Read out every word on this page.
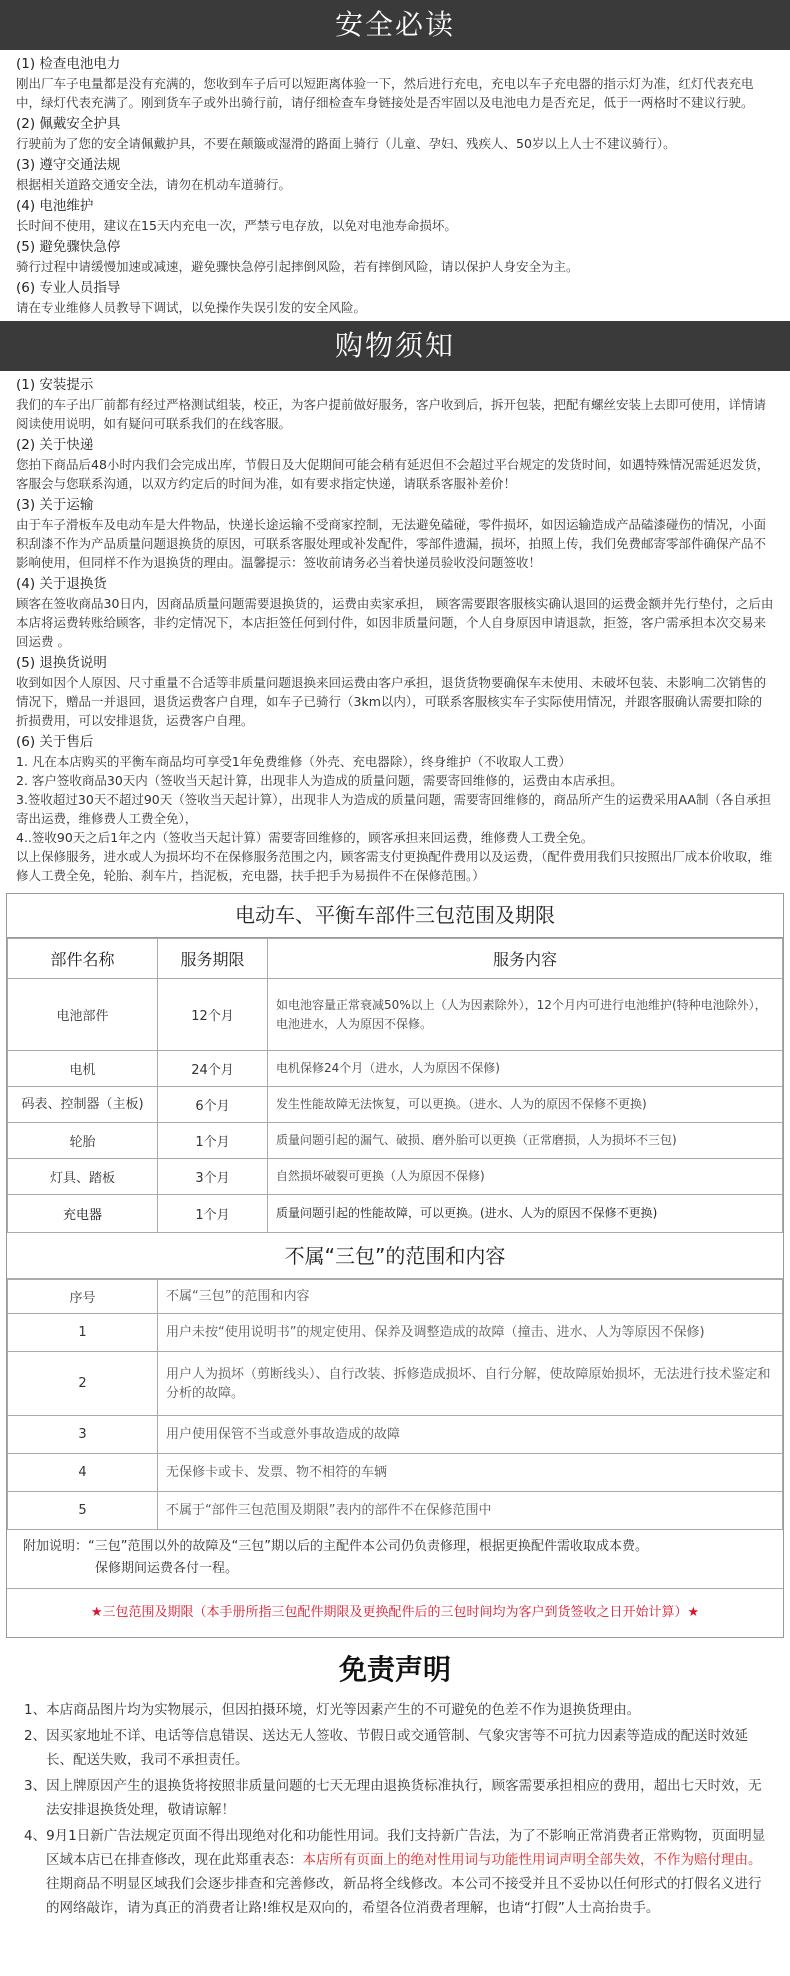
安全必读
(1) 检查电池电力
刚出厂车子电量都是没有充满的，您收到车子后可以短距离体验一下，然后进行充电，充电以车子充电器的指示灯为准，红灯代表充电中，绿灯代表充满了。刚到货车子或外出骑行前，请仔细检查车身链接处是否牢固以及电池电力是否充足，低于一两格时不建议行驶。
(2) 佩戴安全护具
行驶前为了您的安全请佩戴护具，不要在颠簸或湿滑的路面上骑行（儿童、孕妇、残疾人、50岁以上人士不建议骑行）。
(3) 遵守交通法规
根据相关道路交通安全法，请勿在机动车道骑行。
(4) 电池维护
长时间不使用，建议在15天内充电一次，严禁亏电存放，以免对电池寿命损坏。
(5) 避免骤快急停
骑行过程中请缓慢加速或减速，避免骤快急停引起摔倒风险，若有摔倒风险，请以保护人身安全为主。
(6) 专业人员指导
请在专业维修人员教导下调试，以免操作失误引发的安全风险。
购物须知
(1) 安装提示
我们的车子出厂前都有经过严格测试组装，校正，为客户提前做好服务，客户收到后，拆开包装，把配有螺丝安装上去即可使用，详情请阅读使用说明，如有疑问可联系我们的在线客服。
(2) 关于快递
您拍下商品后48小时内我们会完成出库，节假日及大促期间可能会稍有延迟但不会超过平台规定的发货时间，如遇特殊情况需延迟发货，客服会与您联系沟通，以双方约定后的时间为准，如有要求指定快递，请联系客服补差价！
(3) 关于运输
由于车子滑板车及电动车是大件物品，快递长途运输不受商家控制，无法避免磕碰，零件损坏，如因运输造成产品磕漆碰伤的情况，小面积刮漆不作为产品质量问题退换货的原因，可联系客服处理或补发配件，零部件遗漏，损坏，拍照上传，我们免费邮寄零部件确保产品不影响使用，但同样不作为退换货的理由。温馨提示：签收前请务必当着快递员验收没问题签收！
(4) 关于退换货
顾客在签收商品30日内，因商品质量问题需要退换货的，运费由卖家承担， 顾客需要跟客服核实确认退回的运费金额并先行垫付，之后由本店将运费转账给顾客，非约定情况下，本店拒签任何到付件，如因非质量问题，个人自身原因申请退款，拒签，客户需承担本次交易来回运费 。
(5) 退换货说明
收到如因个人原因、尺寸重量不合适等非质量问题退换来回运费由客户承担，退货货物要确保车未使用、未破坏包装、未影响二次销售的情况下，赠品一并退回，退货运费客户自理，如车子已骑行（3km以内），可联系客服核实车子实际使用情况，并跟客服确认需要扣除的折损费用，可以安排退货，运费客户自理。
(6) 关于售后
1. 凡在本店购买的平衡车商品均可享受1年免费维修（外壳、充电器除），终身维护（不收取人工费）
2. 客户签收商品30天内（签收当天起计算，出现非人为造成的质量问题，需要寄回维修的，运费由本店承担。
3.签收超过30天不超过90天（签收当天起计算），出现非人为造成的质量问题，需要寄回维修的，商品所产生的运费采用AA制（各自承担寄出运费，维修费人工费全免），
4..签收90天之后1年之内（签收当天起计算）需要寄回维修的，顾客承担来回运费，维修费人工费全免。
以上保修服务，进水或人为损坏均不在保修服务范围之内，顾客需支付更换配件费用以及运费，（配件费用我们只按照出厂成本价收取，维修人工费全免，轮胎、刹车片，挡泥板，充电器，扶手把手为易损件不在保修范围。）
电动车、平衡车部件三包范围及期限
部件名称	服务期限	服务内容
电池部件	12个月	如电池容量正常衰减50%以上（人为因素除外），12个月内可进行电池维护(特种电池除外），电池进水，人为原因不保修。
电机	24个月	电机保修24个月（进水，人为原因不保修)
码表、控制器（主板)	6个月	发生性能故障无法恢复，可以更换。（进水、人为的原因不保修不更换)
轮胎	1个月	质量问题引起的漏气、破损、磨外胎可以更换（正常磨损，人为损坏不三包)
灯具、踏板	3个月	自然损坏破裂可更换（人为原因不保修)
充电器	1个月	质量问题引起的性能故障，可以更换。(进水、人为的原因不保修不更换)
不属“三包”的范围和内容
序号	不属“三包”的范围和内容
1	用户未按“使用说明书”的规定使用、保养及调整造成的故障（撞击、进水、人为等原因不保修)
2	用户人为损坏（剪断线头）、自行改装、拆修造成损坏、自行分解，使故障原始损坏，无法进行技术鉴定和分析的故障。
3	用户使用保管不当或意外事故造成的故障
4	无保修卡或卡、发票、物不相符的车辆
5	不属于“部件三包范围及期限”表内的部件不在保修范围中
附加说明：“三包”范围以外的故障及“三包”期以后的主配件本公司仍负责修理，根据更换配件需收取成本费。
保修期间运费各付一程。
★三包范围及期限（本手册所指三包配件期限及更换配件后的三包时间均为客户到货签收之日开始计算）★
免责声明
1、本店商品图片均为实物展示，但因拍摄环境，灯光等因素产生的不可避免的色差不作为退换货理由。
2、因买家地址不详、电话等信息错误、送达无人签收、节假日或交通管制、气象灾害等不可抗力因素等造成的配送时效延长、配送失败，我司不承担责任。
3、因上牌原因产生的退换货将按照非质量问题的七天无理由退换货标准执行，顾客需要承担相应的费用，超出七天时效，无法安排退换货处理，敬请谅解！
4、9月1日新广告法规定页面不得出现绝对化和功能性用词。我们支持新广告法，为了不影响正常消费者正常购物，页面明显区域本店已在排查修改，现在此郑重表态：本店所有页面上的绝对性用词与功能性用词声明全部失效，不作为赔付理由。往期商品不明显区域我们会逐步排查和完善修改，新品将全线修改。本公司不接受并且不妥协以任何形式的打假名义进行的网络敲诈，请为真正的消费者让路!维权是双向的，希望各位消费者理解，也请“打假”人士高抬贵手。
